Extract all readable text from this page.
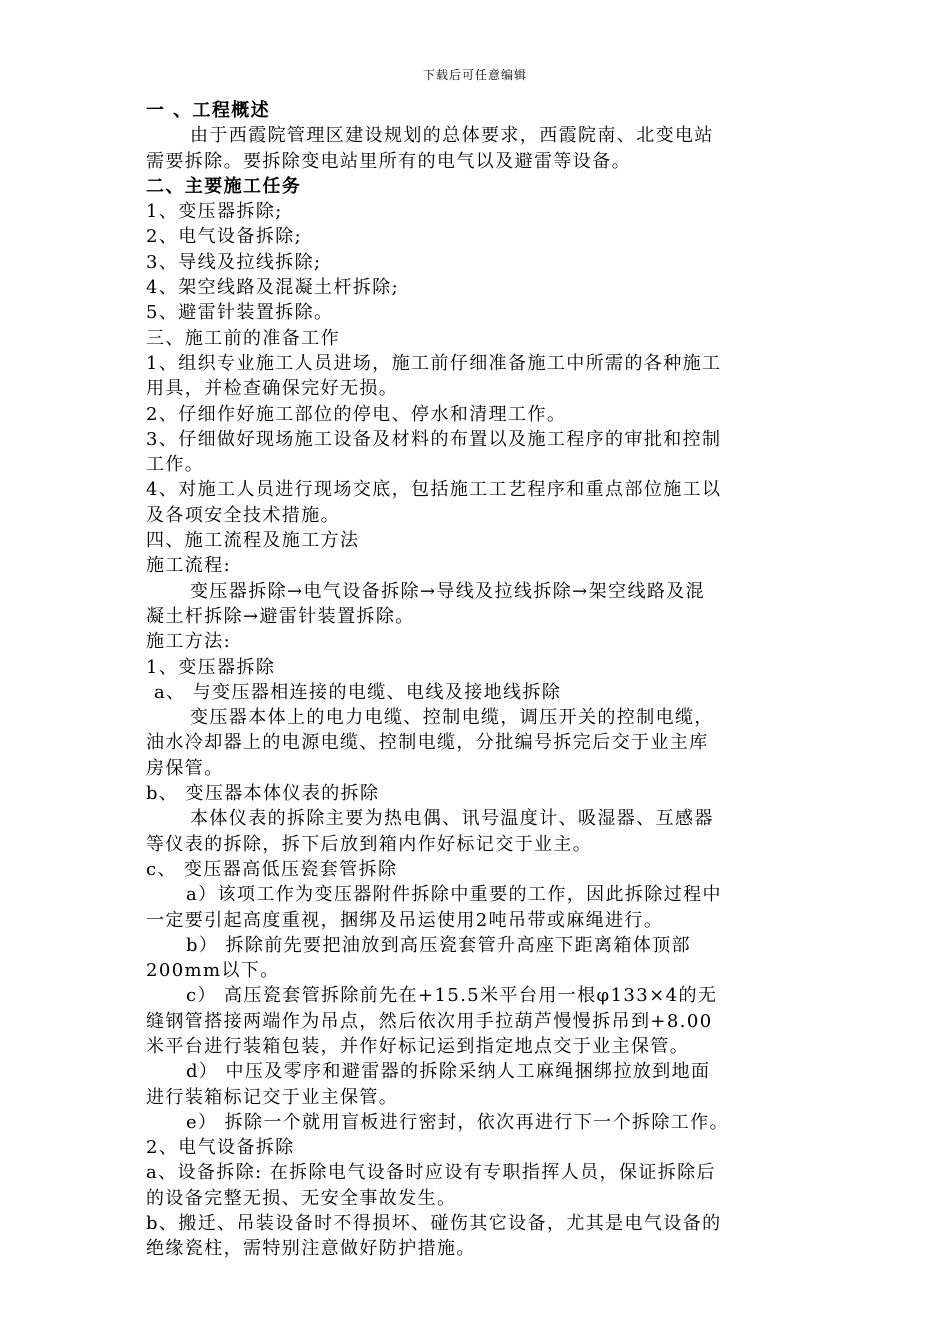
下载后可任意编辑
一 、工程概述
由于西霞院管理区建设规划的总体要求，西霞院南、北变电站
需要拆除。要拆除变电站里所有的电气以及避雷等设备。
二、主要施工任务
1、变压器拆除;
2、电气设备拆除;
3、导线及拉线拆除;
4、架空线路及混凝土杆拆除;
5、避雷针装置拆除。
三、施工前的准备工作
1、组织专业施工人员进场，施工前仔细准备施工中所需的各种施工
用具，并检查确保完好无损。
2、仔细作好施工部位的停电、停水和清理工作。
3、仔细做好现场施工设备及材料的布置以及施工程序的审批和控制
工作。
4、对施工人员进行现场交底，包括施工工艺程序和重点部位施工以
及各项安全技术措施。
四、施工流程及施工方法
施工流程:
变压器拆除→电气设备拆除→导线及拉线拆除→架空线路及混
凝土杆拆除→避雷针装置拆除。
施工方法:
1、变压器拆除
a、 与变压器相连接的电缆、电线及接地线拆除
变压器本体上的电力电缆、控制电缆，调压开关的控制电缆，
油水冷却器上的电源电缆、控制电缆，分批编号拆完后交于业主库
房保管。
b、 变压器本体仪表的拆除
本体仪表的拆除主要为热电偶、讯号温度计、吸湿器、互感器
等仪表的拆除，拆下后放到箱内作好标记交于业主。
c、 变压器高低压瓷套管拆除
a）该项工作为变压器附件拆除中重要的工作，因此拆除过程中
一定要引起高度重视，捆绑及吊运使用2吨吊带或麻绳进行。
b） 拆除前先要把油放到高压瓷套管升高座下距离箱体顶部
200mm以下。
c） 高压瓷套管拆除前先在+15.5米平台用一根φ133×4的无
缝钢管搭接两端作为吊点，然后依次用手拉葫芦慢慢拆吊到+8.00
米平台进行装箱包装，并作好标记运到指定地点交于业主保管。
d） 中压及零序和避雷器的拆除采纳人工麻绳捆绑拉放到地面
进行装箱标记交于业主保管。
e） 拆除一个就用盲板进行密封，依次再进行下一个拆除工作。
2、电气设备拆除
a、设备拆除: 在拆除电气设备时应设有专职指挥人员，保证拆除后
的设备完整无损、无安全事故发生。
b、搬迁、吊装设备时不得损坏、碰伤其它设备，尤其是电气设备的
绝缘瓷柱，需特别注意做好防护措施。
